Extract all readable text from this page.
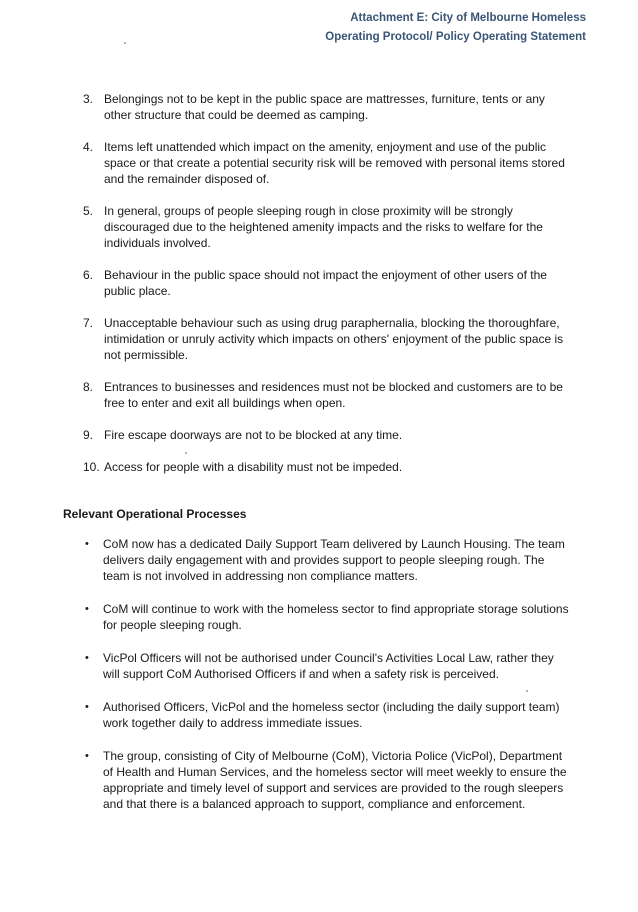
Attachment E: City of Melbourne Homeless
Operating Protocol/ Policy Operating Statement
3. Belongings not to be kept in the public space are mattresses, furniture, tents or any other structure that could be deemed as camping.
4. Items left unattended which impact on the amenity, enjoyment and use of the public space or that create a potential security risk will be removed with personal items stored and the remainder disposed of.
5. In general, groups of people sleeping rough in close proximity will be strongly discouraged due to the heightened amenity impacts and the risks to welfare for the individuals involved.
6. Behaviour in the public space should not impact the enjoyment of other users of the public place.
7. Unacceptable behaviour such as using drug paraphernalia, blocking the thoroughfare, intimidation or unruly activity which impacts on others' enjoyment of the public space is not permissible.
8. Entrances to businesses and residences must not be blocked and customers are to be free to enter and exit all buildings when open.
9. Fire escape doorways are not to be blocked at any time.
10. Access for people with a disability must not be impeded.
Relevant Operational Processes
• CoM now has a dedicated Daily Support Team delivered by Launch Housing. The team delivers daily engagement with and provides support to people sleeping rough. The team is not involved in addressing non compliance matters.
• CoM will continue to work with the homeless sector to find appropriate storage solutions for people sleeping rough.
• VicPol Officers will not be authorised under Council's Activities Local Law, rather they will support CoM Authorised Officers if and when a safety risk is perceived.
• Authorised Officers, VicPol and the homeless sector (including the daily support team) work together daily to address immediate issues.
• The group, consisting of City of Melbourne (CoM), Victoria Police (VicPol), Department of Health and Human Services, and the homeless sector will meet weekly to ensure the appropriate and timely level of support and services are provided to the rough sleepers and that there is a balanced approach to support, compliance and enforcement.
